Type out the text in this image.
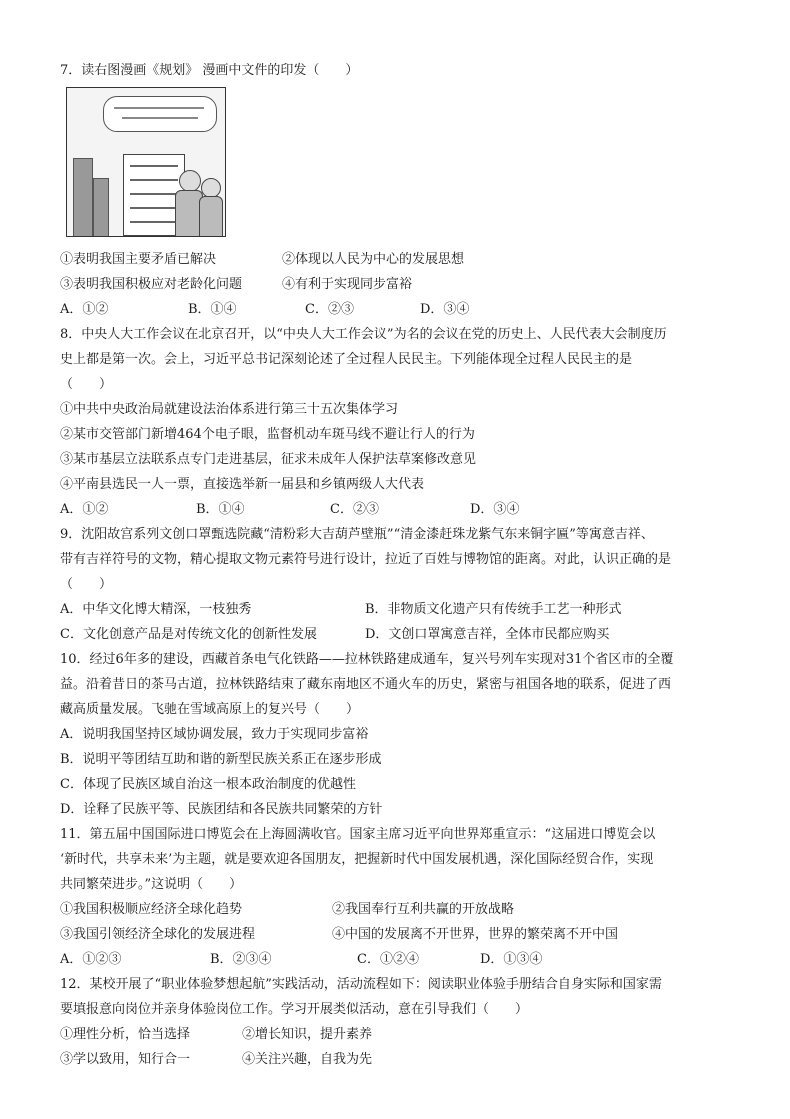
7．读右图漫画《规划》 漫画中文件的印发（　　）
①表明我国主要矛盾已解决	②体现以人民为中心的发展思想
③表明我国积极应对老龄化问题	④有利于实现同步富裕
A．①②	B．①④	C．②③	D．③④
8．中央人大工作会议在北京召开，以“中央人大工作会议”为名的会议在党的历史上、人民代表大会制度历
史上都是第一次。会上，习近平总书记深刻论述了全过程人民民主。下列能体现全过程人民民主的是
（　　）
①中共中央政治局就建设法治体系进行第三十五次集体学习
②某市交管部门新增464个电子眼，监督机动车斑马线不避让行人的行为
③某市基层立法联系点专门走进基层，征求未成年人保护法草案修改意见
④平南县选民一人一票，直接选举新一届县和乡镇两级人大代表
A．①②	B．①④	C．②③	D．③④
9．沈阳故宫系列文创口罩甄选院藏“清粉彩大吉葫芦壁瓶”“清金漆赶珠龙紫气东来铜字匾”等寓意吉祥、
带有吉祥符号的文物，精心提取文物元素符号进行设计，拉近了百姓与博物馆的距离。对此，认识正确的是
（　　）
A．中华文化博大精深，一枝独秀	B．非物质文化遗产只有传统手工艺一种形式
C．文化创意产品是对传统文化的创新性发展	D．文创口罩寓意吉祥，全体市民都应购买
10．经过6年多的建设，西藏首条电气化铁路——拉林铁路建成通车，复兴号列车实现对31个省区市的全覆
益。沿着昔日的茶马古道，拉林铁路结束了藏东南地区不通火车的历史，紧密与祖国各地的联系，促进了西
藏高质量发展。飞驰在雪域高原上的复兴号（　　）
A．说明我国坚持区域协调发展，致力于实现同步富裕
B．说明平等团结互助和谐的新型民族关系正在逐步形成
C．体现了民族区域自治这一根本政治制度的优越性
D．诠释了民族平等、民族团结和各民族共同繁荣的方针
11．第五届中国国际进口博览会在上海圆满收官。国家主席习近平向世界郑重宣示：“这届进口博览会以
‘新时代，共享未来’为主题，就是要欢迎各国朋友，把握新时代中国发展机遇，深化国际经贸合作，实现
共同繁荣进步。”这说明（　　）
①我国积极顺应经济全球化趋势	②我国奉行互利共赢的开放战略
③我国引领经济全球化的发展进程	④中国的发展离不开世界，世界的繁荣离不开中国
A．①②③	B．②③④	C．①②④	D．①③④
12．某校开展了“职业体验梦想起航”实践活动，活动流程如下：阅读职业体验手册结合自身实际和国家需
要填报意向岗位并亲身体验岗位工作。学习开展类似活动，意在引导我们（　　）
①理性分析，恰当选择	②增长知识，提升素养
③学以致用，知行合一	④关注兴趣，自我为先
